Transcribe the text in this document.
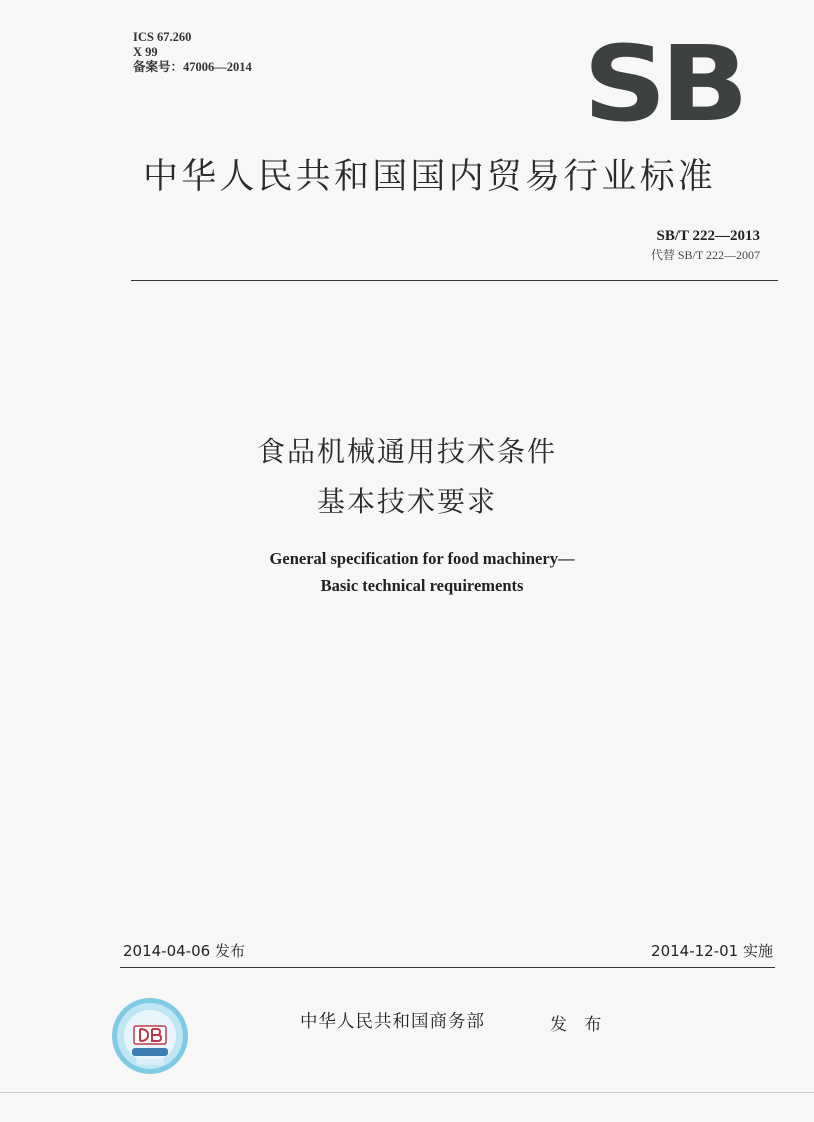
ICS 67.260
X 99
备案号：47006—2014	SB
中华人民共和国国内贸易行业标准
SB/T 222—2013
代替 SB/T 222—2007
食品机械通用技术条件
基本技术要求
General specification for food machinery—
Basic technical requirements
2014-04-06 发布	2014-12-01 实施
中华人民共和国商务部	发 布
